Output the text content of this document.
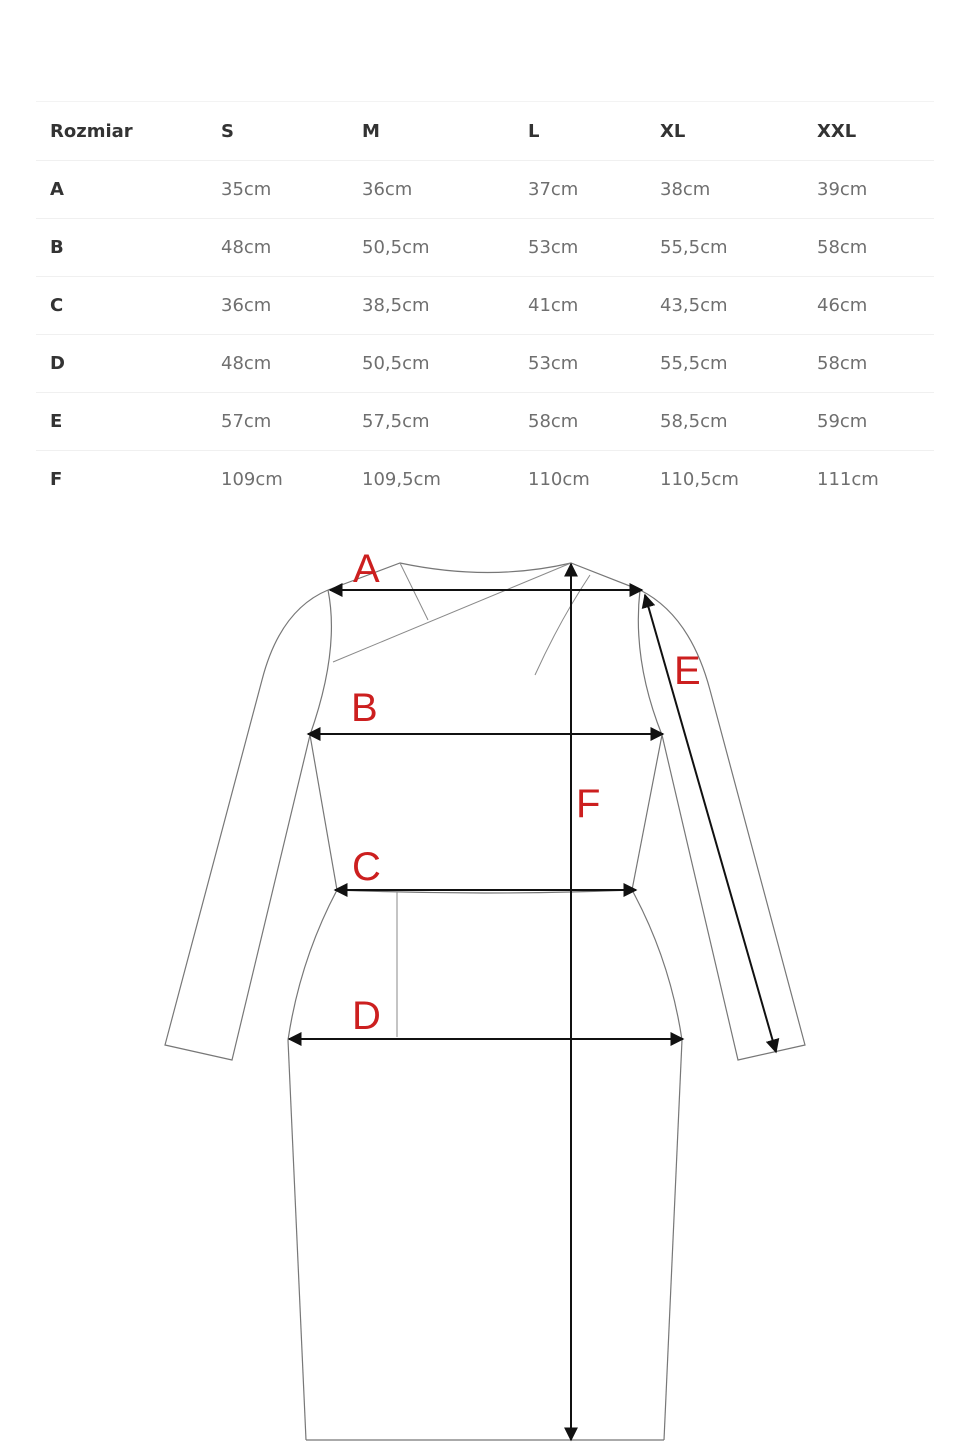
Rozmiar	S	M	L	XL	XXL
A	35cm	36cm	37cm	38cm	39cm
B	48cm	50,5cm	53cm	55,5cm	58cm
C	36cm	38,5cm	41cm	43,5cm	46cm
D	48cm	50,5cm	53cm	55,5cm	58cm
E	57cm	57,5cm	58cm	58,5cm	59cm
F	109cm	109,5cm	110cm	110,5cm	111cm
A
B
C
D
E
F
